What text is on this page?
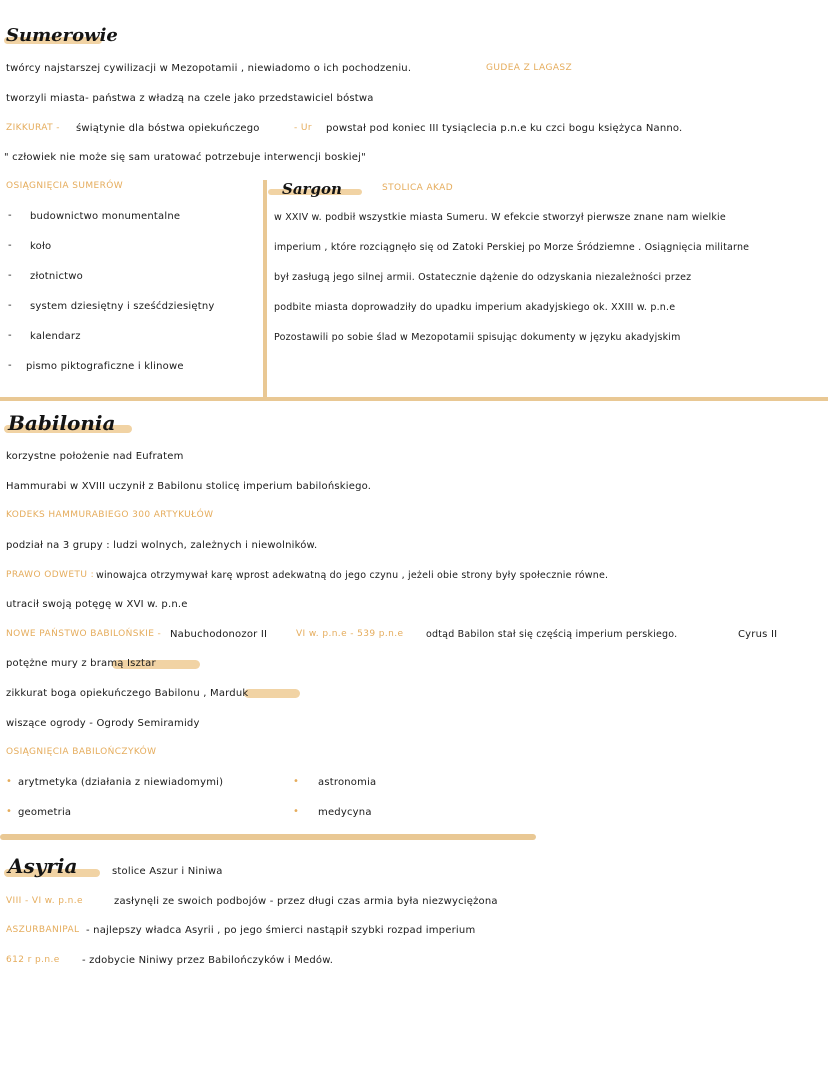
Sumerowie
twórcy najstarszej cywilizacji w Mezopotamii , niewiadomo o ich pochodzeniu.	GUDEA Z LAGASZ
tworzyli miasta- państwa z władzą na czele jako przedstawiciel bóstwa
ZIKKURAT - świątynie dla bóstwa opiekuńczego	- Ur powstał pod koniec III tysiąclecia p.n.e ku czci bogu księżyca Nanno.
" człowiek nie może się sam uratować potrzebuje interwencji boskiej"
OSIĄGNIĘCIA SUMERÓW
- budownictwo monumentalne
- koło
- złotnictwo
- system dziesiętny i sześćdziesiętny
- kalendarz
- pismo piktograficzne i klinowe
Sargon	STOLICA AKAD
w XXIV w. podbił wszystkie miasta Sumeru. W efekcie stworzył pierwsze znane nam wielkie
imperium , które rozciągnęło się od Zatoki Perskiej po Morze Śródziemne . Osiągnięcia militarne
był zasługą jego silnej armii. Ostatecznie dążenie do odzyskania niezależności przez
podbite miasta doprowadziły do upadku imperium akadyjskiego ok. XXIII w. p.n.e
Pozostawili po sobie ślad w Mezopotamii spisując dokumenty w języku akadyjskim
Babilonia
korzystne położenie nad Eufratem
Hammurabi w XVIII uczynił z Babilonu stolicę imperium babilońskiego.
KODEKS HAMMURABIEGO 300 ARTYKUŁÓW
podział na 3 grupy : ludzi wolnych, zależnych i niewolników.
PRAWO ODWETU : winowajca otrzymywał karę wprost adekwatną do jego czynu , jeżeli obie strony były społecznie równe.
utracił swoją potęgę w XVI w. p.n.e
NOWE PAŃSTWO BABILOŃSKIE - Nabuchodonozor II	VI w. p.n.e - 539 p.n.e odtąd Babilon stał się częścią imperium perskiego.	Cyrus II
potężne mury z bramą Isztar
zikkurat boga opiekuńczego Babilonu , Marduk
wiszące ogrody - Ogrody Semiramidy
OSIĄGNIĘCIA BABILOŃCZYKÓW
• arytmetyka (działania z niewiadomymi)
• geometria
• astronomia
• medycyna
Asyria	stolice Aszur i Niniwa
VIII - VI w. p.n.e	zasłynęli ze swoich podbojów - przez długi czas armia była niezwyciężona
ASZURBANIPAL - najlepszy władca Asyrii , po jego śmierci nastąpił szybki rozpad imperium
612 r p.n.e - zdobycie Niniwy przez Babilończyków i Medów.
